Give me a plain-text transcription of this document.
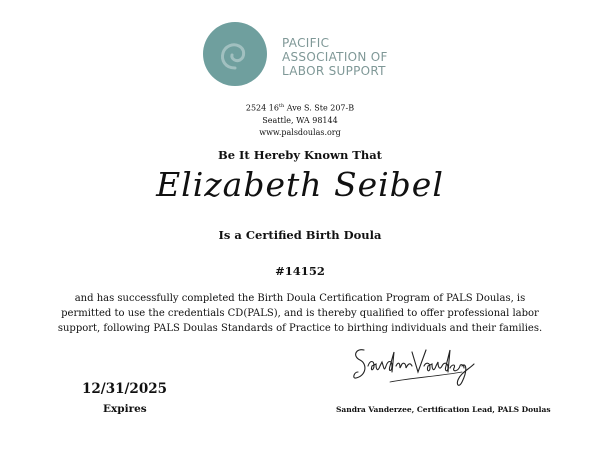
PACIFIC
ASSOCIATION OF
LABOR SUPPORT
2524 16th Ave S. Ste 207-B
Seattle, WA 98144
www.palsdoulas.org
Be It Hereby Known That
Elizabeth Seibel
Is a Certified Birth Doula
#14152
and has successfully completed the Birth Doula Certification Program of PALS Doulas, is permitted to use the credentials CD(PALS), and is thereby qualified to offer professional labor support, following PALS Doulas Standards of Practice to birthing individuals and their families.
12/31/2025
Expires	Sandra Vanderzee, Certification Lead, PALS Doulas
